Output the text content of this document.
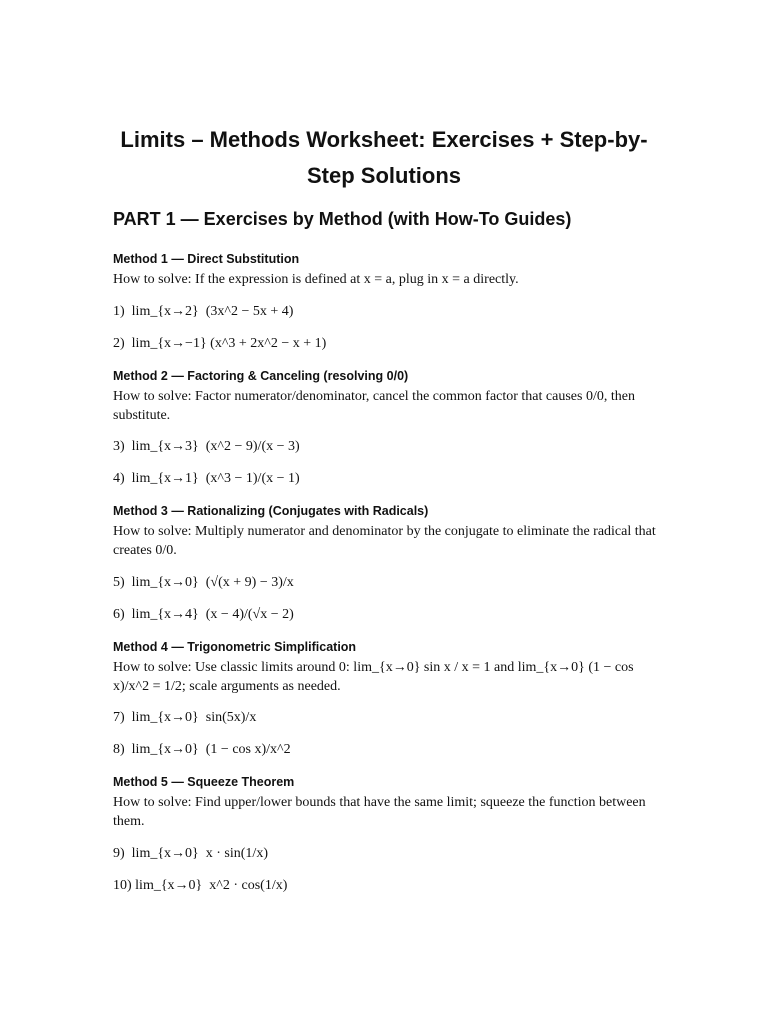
Limits – Methods Worksheet: Exercises + Step-by-Step Solutions
PART 1 — Exercises by Method (with How-To Guides)
Method 1 — Direct Substitution
How to solve: If the expression is defined at x = a, plug in x = a directly.
1)  lim_{x→2}  (3x^2 − 5x + 4)
2)  lim_{x→−1} (x^3 + 2x^2 − x + 1)
Method 2 — Factoring & Canceling (resolving 0/0)
How to solve: Factor numerator/denominator, cancel the common factor that causes 0/0, then substitute.
3)  lim_{x→3}  (x^2 − 9)/(x − 3)
4)  lim_{x→1}  (x^3 − 1)/(x − 1)
Method 3 — Rationalizing (Conjugates with Radicals)
How to solve: Multiply numerator and denominator by the conjugate to eliminate the radical that creates 0/0.
5)  lim_{x→0}  (√(x + 9) − 3)/x
6)  lim_{x→4}  (x − 4)/(√x − 2)
Method 4 — Trigonometric Simplification
How to solve: Use classic limits around 0: lim_{x→0} sin x / x = 1 and lim_{x→0} (1 − cos x)/x^2 = 1/2; scale arguments as needed.
7)  lim_{x→0}  sin(5x)/x
8)  lim_{x→0}  (1 − cos x)/x^2
Method 5 — Squeeze Theorem
How to solve: Find upper/lower bounds that have the same limit; squeeze the function between them.
9)  lim_{x→0}  x · sin(1/x)
10) lim_{x→0}  x^2 · cos(1/x)
